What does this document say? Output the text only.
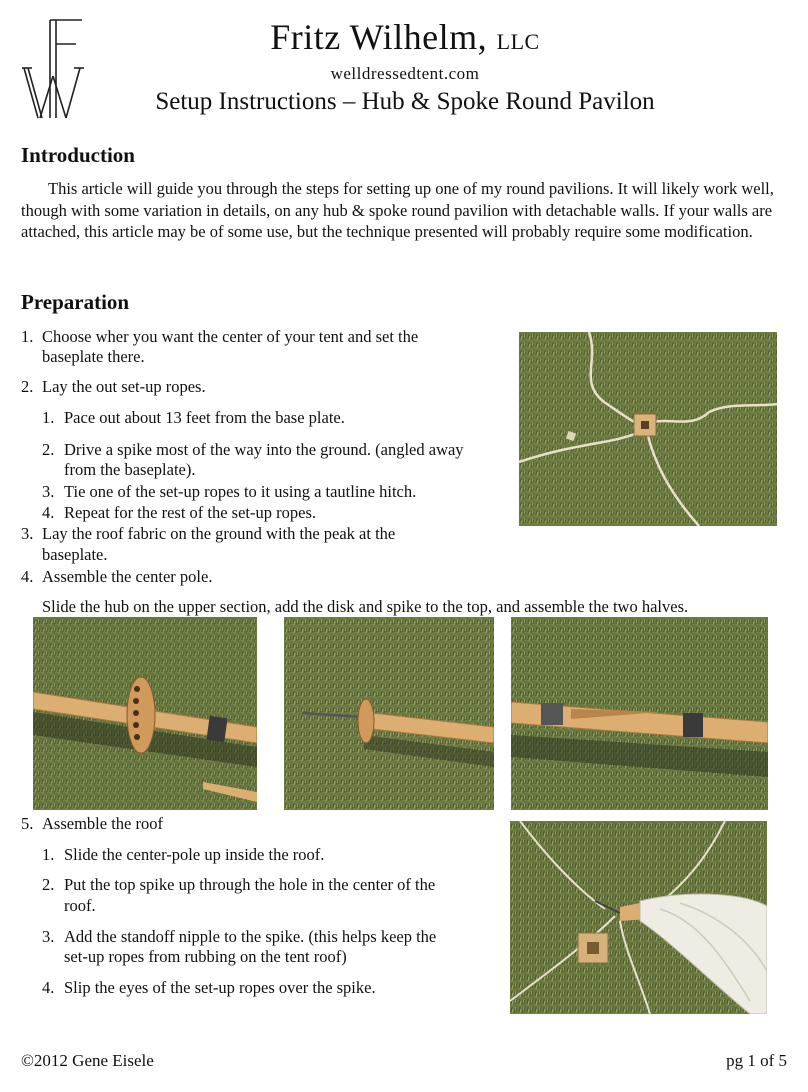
Fritz Wilhelm, LLC
welldressedtent.com
Setup Instructions – Hub & Spoke Round Pavilon
Introduction
This article will guide you through the steps for setting up one of my round pavilions. It will likely work well, though with some variation in details, on any hub & spoke round pavilion with detachable walls. If your walls are attached, this article may be of some use, but the technique presented will probably require some modification.
Preparation
1. Choose wher you want the center of your tent and set the
baseplate there.
2. Lay the out set-up ropes.
1. Pace out about 13 feet from the base plate.
2. Drive a spike most of the way into the ground. (angled away
from the baseplate).
3. Tie one of the set-up ropes to it using a tautline hitch.
4. Repeat for the rest of the set-up ropes.
3. Lay the roof fabric on the ground with the peak at the
baseplate.
4. Assemble the center pole.
Slide the hub on the upper section, add the disk and spike to the top, and assemble the two halves.
5. Assemble the roof
1. Slide the center-pole up inside the roof.
2. Put the top spike up through the hole in the center of the
roof.
3. Add the standoff nipple to the spike. (this helps keep the
set-up ropes from rubbing on the tent roof)
4. Slip the eyes of the set-up ropes over the spike.
©2012 Gene Eisele	pg 1 of 5
